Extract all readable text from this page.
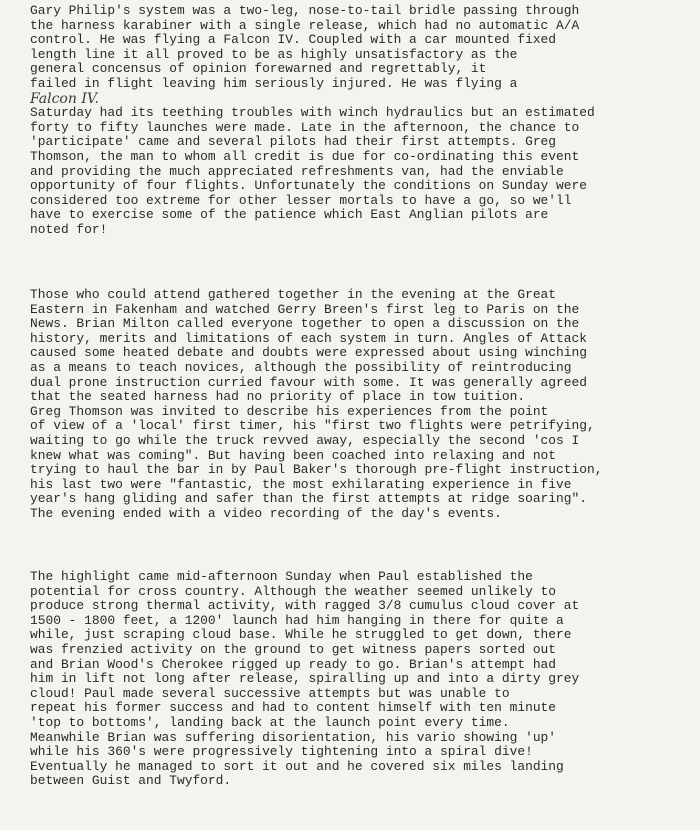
Gary Philip's system was a two-leg, nose-to-tail bridle passing through
the harness karabiner with a single release, which had no automatic A/A
control. He was flying a Falcon IV. Coupled with a car mounted fixed
length line it all proved to be as highly unsatisfactory as the
general concensus of opinion forewarned and regrettably, it
failed in flight leaving him seriously injured. He was flying a
Falcon IV.
Saturday had its teething troubles with winch hydraulics but an estimated
forty to fifty launches were made. Late in the afternoon, the chance to
'participate' came and several pilots had their first attempts. Greg
Thomson, the man to whom all credit is due for co-ordinating this event
and providing the much appreciated refreshments van, had the enviable
opportunity of four flights. Unfortunately the conditions on Sunday were
considered too extreme for other lesser mortals to have a go, so we'll
have to exercise some of the patience which East Anglian pilots are
noted for!
Those who could attend gathered together in the evening at the Great
Eastern in Fakenham and watched Gerry Breen's first leg to Paris on the
News. Brian Milton called everyone together to open a discussion on the
history, merits and limitations of each system in turn. Angles of Attack
caused some heated debate and doubts were expressed about using winching
as a means to teach novices, although the possibility of reintroducing
dual prone instruction curried favour with some. It was generally agreed
that the seated harness had no priority of place in tow tuition.
Greg Thomson was invited to describe his experiences from the point
of view of a 'local' first timer, his "first two flights were petrifying,
waiting to go while the truck revved away, especially the second 'cos I
knew what was coming". But having been coached into relaxing and not
trying to haul the bar in by Paul Baker's thorough pre-flight instruction,
his last two were "fantastic, the most exhilarating experience in five
year's hang gliding and safer than the first attempts at ridge soaring".
The evening ended with a video recording of the day's events.
The highlight came mid-afternoon Sunday when Paul established the
potential for cross country. Although the weather seemed unlikely to
produce strong thermal activity, with ragged 3/8 cumulus cloud cover at
1500 - 1800 feet, a 1200' launch had him hanging in there for quite a
while, just scraping cloud base. While he struggled to get down, there
was frenzied activity on the ground to get witness papers sorted out
and Brian Wood's Cherokee rigged up ready to go. Brian's attempt had
him in lift not long after release, spiralling up and into a dirty grey
cloud! Paul made several successive attempts but was unable to
repeat his former success and had to content himself with ten minute
'top to bottoms', landing back at the launch point every time.
Meanwhile Brian was suffering disorientation, his vario showing 'up'
while his 360's were progressively tightening into a spiral dive!
Eventually he managed to sort it out and he covered six miles landing
between Guist and Twyford.
